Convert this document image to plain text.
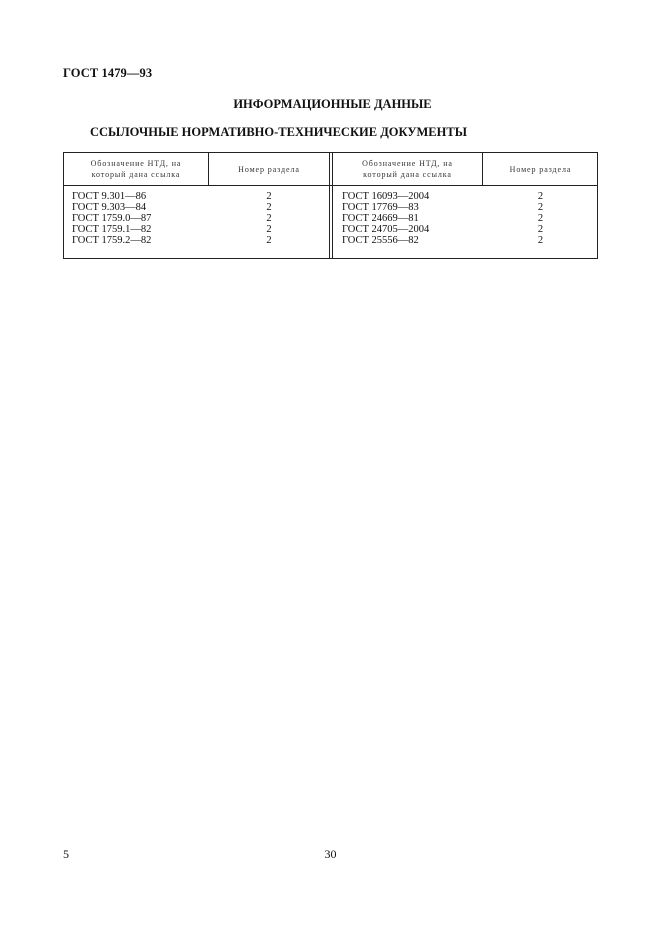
ГОСТ 1479—93
ИНФОРМАЦИОННЫЕ ДАННЫЕ
ССЫЛОЧНЫЕ НОРМАТИВНО-ТЕХНИЧЕСКИЕ ДОКУМЕНТЫ
Обозначение НТД, на
который дана ссылка
Номер раздела
Обозначение НТД, на
который дана ссылка
Номер раздела
ГОСТ 9.301—86
ГОСТ 9.303—84
ГОСТ 1759.0—87
ГОСТ 1759.1—82
ГОСТ 1759.2—82
2
2
2
2
2
ГОСТ 16093—2004
ГОСТ 17769—83
ГОСТ 24669—81
ГОСТ 24705—2004
ГОСТ 25556—82
2
2
2
2
2
5	30
